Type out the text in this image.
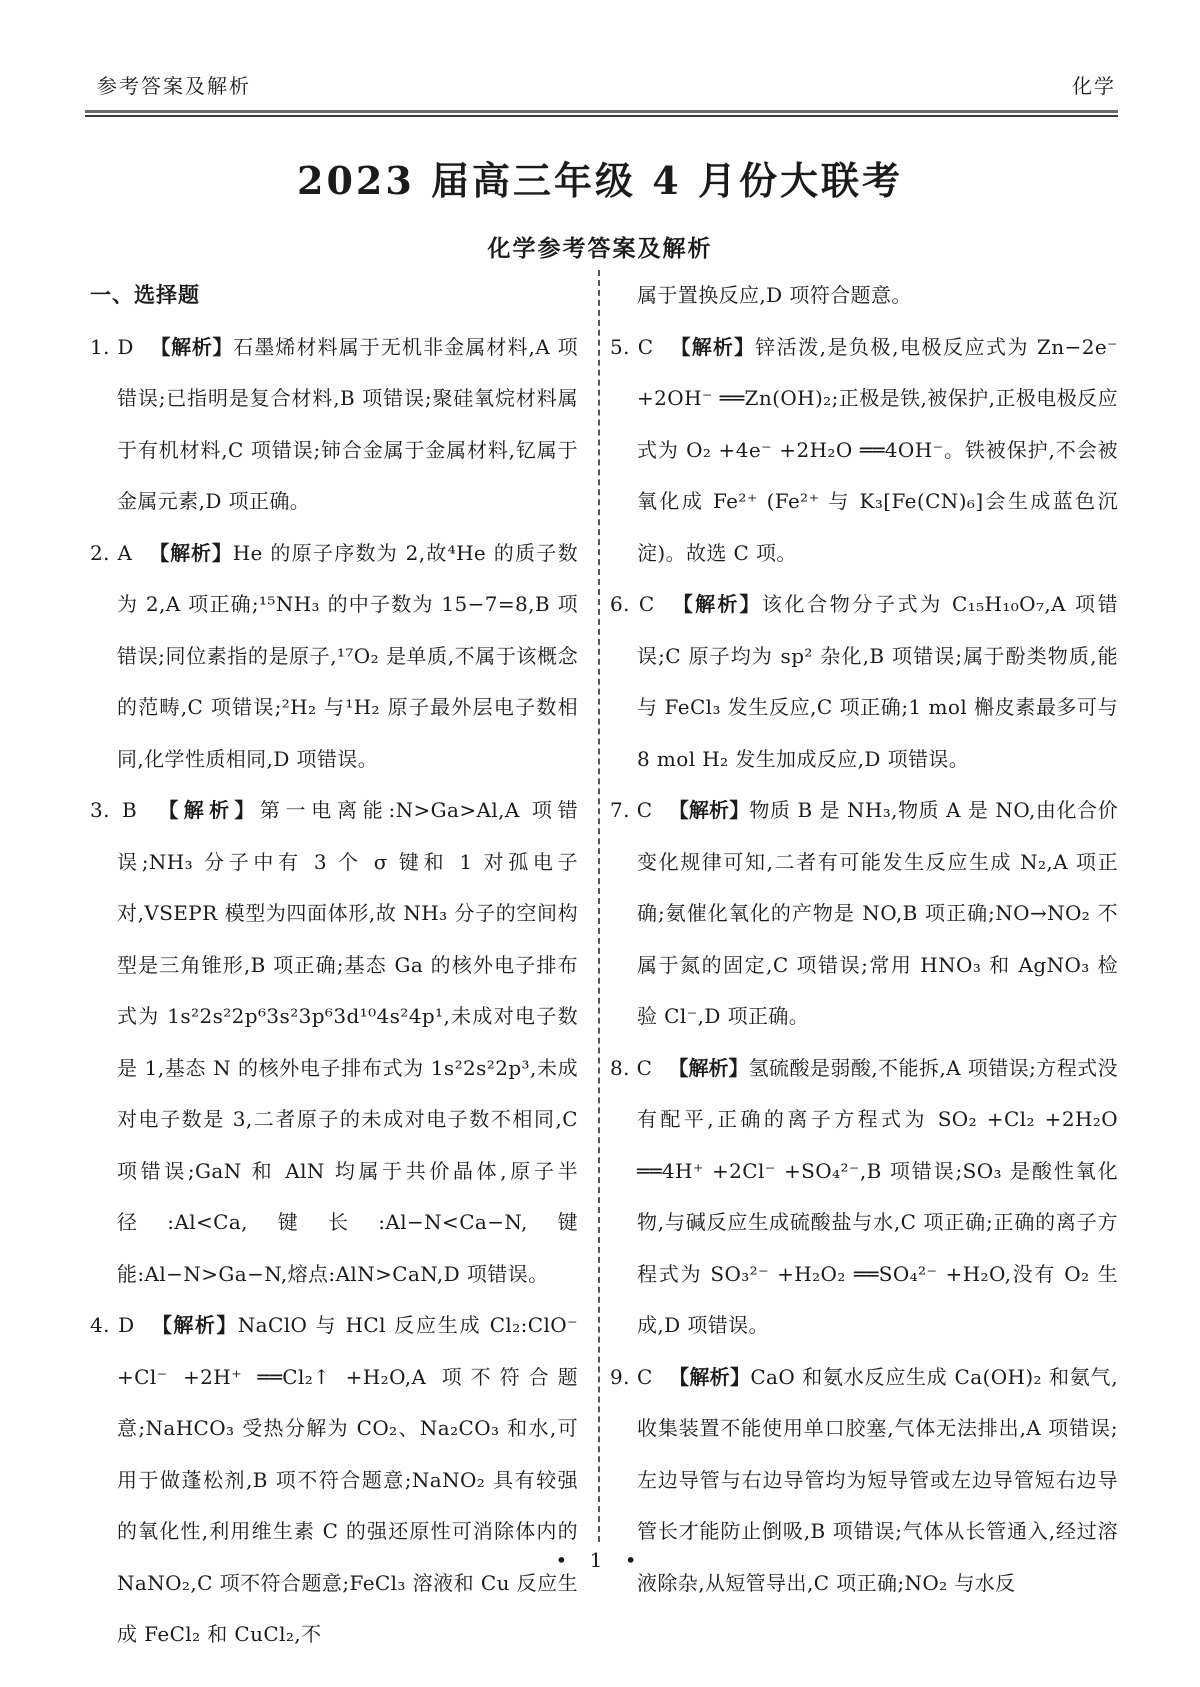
参考答案及解析	化学
2023 届高三年级 4 月份大联考
化学参考答案及解析
一、选择题

1. D 【解析】石墨烯材料属于无机非金属材料,A 项错误;已指明是复合材料,B 项错误;聚硅氧烷材料属于有机材料,C 项错误;铈合金属于金属材料,钇属于金属元素,D 项正确。

2. A 【解析】He 的原子序数为 2,故⁴He 的质子数为 2,A 项正确;¹⁵NH₃ 的中子数为 15−7=8,B 项错误;同位素指的是原子,¹⁷O₂ 是单质,不属于该概念的范畴,C 项错误;²H₂ 与¹H₂ 原子最外层电子数相同,化学性质相同,D 项错误。

3. B 【解析】第一电离能:N>Ga>Al,A 项错误;NH₃ 分子中有 3 个 σ 键和 1 对孤电子对,VSEPR 模型为四面体形,故 NH₃ 分子的空间构型是三角锥形,B 项正确;基态 Ga 的核外电子排布式为 1s²2s²2p⁶3s²3p⁶3d¹⁰4s²4p¹,未成对电子数是 1,基态 N 的核外电子排布式为 1s²2s²2p³,未成对电子数是 3,二者原子的未成对电子数不相同,C 项错误;GaN 和 AlN 均属于共价晶体,原子半径:Al<Ca,键长:Al−N<Ca−N,键能:Al−N>Ga−N,熔点:AlN>CaN,D 项错误。

4. D 【解析】NaClO 与 HCl 反应生成 Cl₂:ClO⁻ +Cl⁻ +2H⁺ ══Cl₂↑ +H₂O,A 项不符合题意;NaHCO₃ 受热分解为 CO₂、Na₂CO₃ 和水,可用于做蓬松剂,B 项不符合题意;NaNO₂ 具有较强的氧化性,利用维生素 C 的强还原性可消除体内的 NaNO₂,C 项不符合题意;FeCl₃ 溶液和 Cu 反应生成 FeCl₂ 和 CuCl₂,不

属于置换反应,D 项符合题意。

5. C 【解析】锌活泼,是负极,电极反应式为 Zn−2e⁻ +2OH⁻ ══Zn(OH)₂;正极是铁,被保护,正极电极反应式为 O₂ +4e⁻ +2H₂O ══4OH⁻。铁被保护,不会被氧化成 Fe²⁺ (Fe²⁺ 与 K₃[Fe(CN)₆]会生成蓝色沉淀)。故选 C 项。

6. C 【解析】该化合物分子式为 C₁₅H₁₀O₇,A 项错误;C 原子均为 sp² 杂化,B 项错误;属于酚类物质,能与 FeCl₃ 发生反应,C 项正确;1 mol 槲皮素最多可与 8 mol H₂ 发生加成反应,D 项错误。

7. C 【解析】物质 B 是 NH₃,物质 A 是 NO,由化合价变化规律可知,二者有可能发生反应生成 N₂,A 项正确;氨催化氧化的产物是 NO,B 项正确;NO→NO₂ 不属于氮的固定,C 项错误;常用 HNO₃ 和 AgNO₃ 检验 Cl⁻,D 项正确。

8. C 【解析】氢硫酸是弱酸,不能拆,A 项错误;方程式没有配平,正确的离子方程式为 SO₂ +Cl₂ +2H₂O ══4H⁺ +2Cl⁻ +SO₄²⁻,B 项错误;SO₃ 是酸性氧化物,与碱反应生成硫酸盐与水,C 项正确;正确的离子方程式为 SO₃²⁻ +H₂O₂ ══SO₄²⁻ +H₂O,没有 O₂ 生成,D 项错误。

9. C 【解析】CaO 和氨水反应生成 Ca(OH)₂ 和氨气,收集装置不能使用单口胶塞,气体无法排出,A 项错误;左边导管与右边导管均为短导管或左边导管短右边导管长才能防止倒吸,B 项错误;气体从长管通入,经过溶液除杂,从短管导出,C 项正确;NO₂ 与水反

• 1 •
